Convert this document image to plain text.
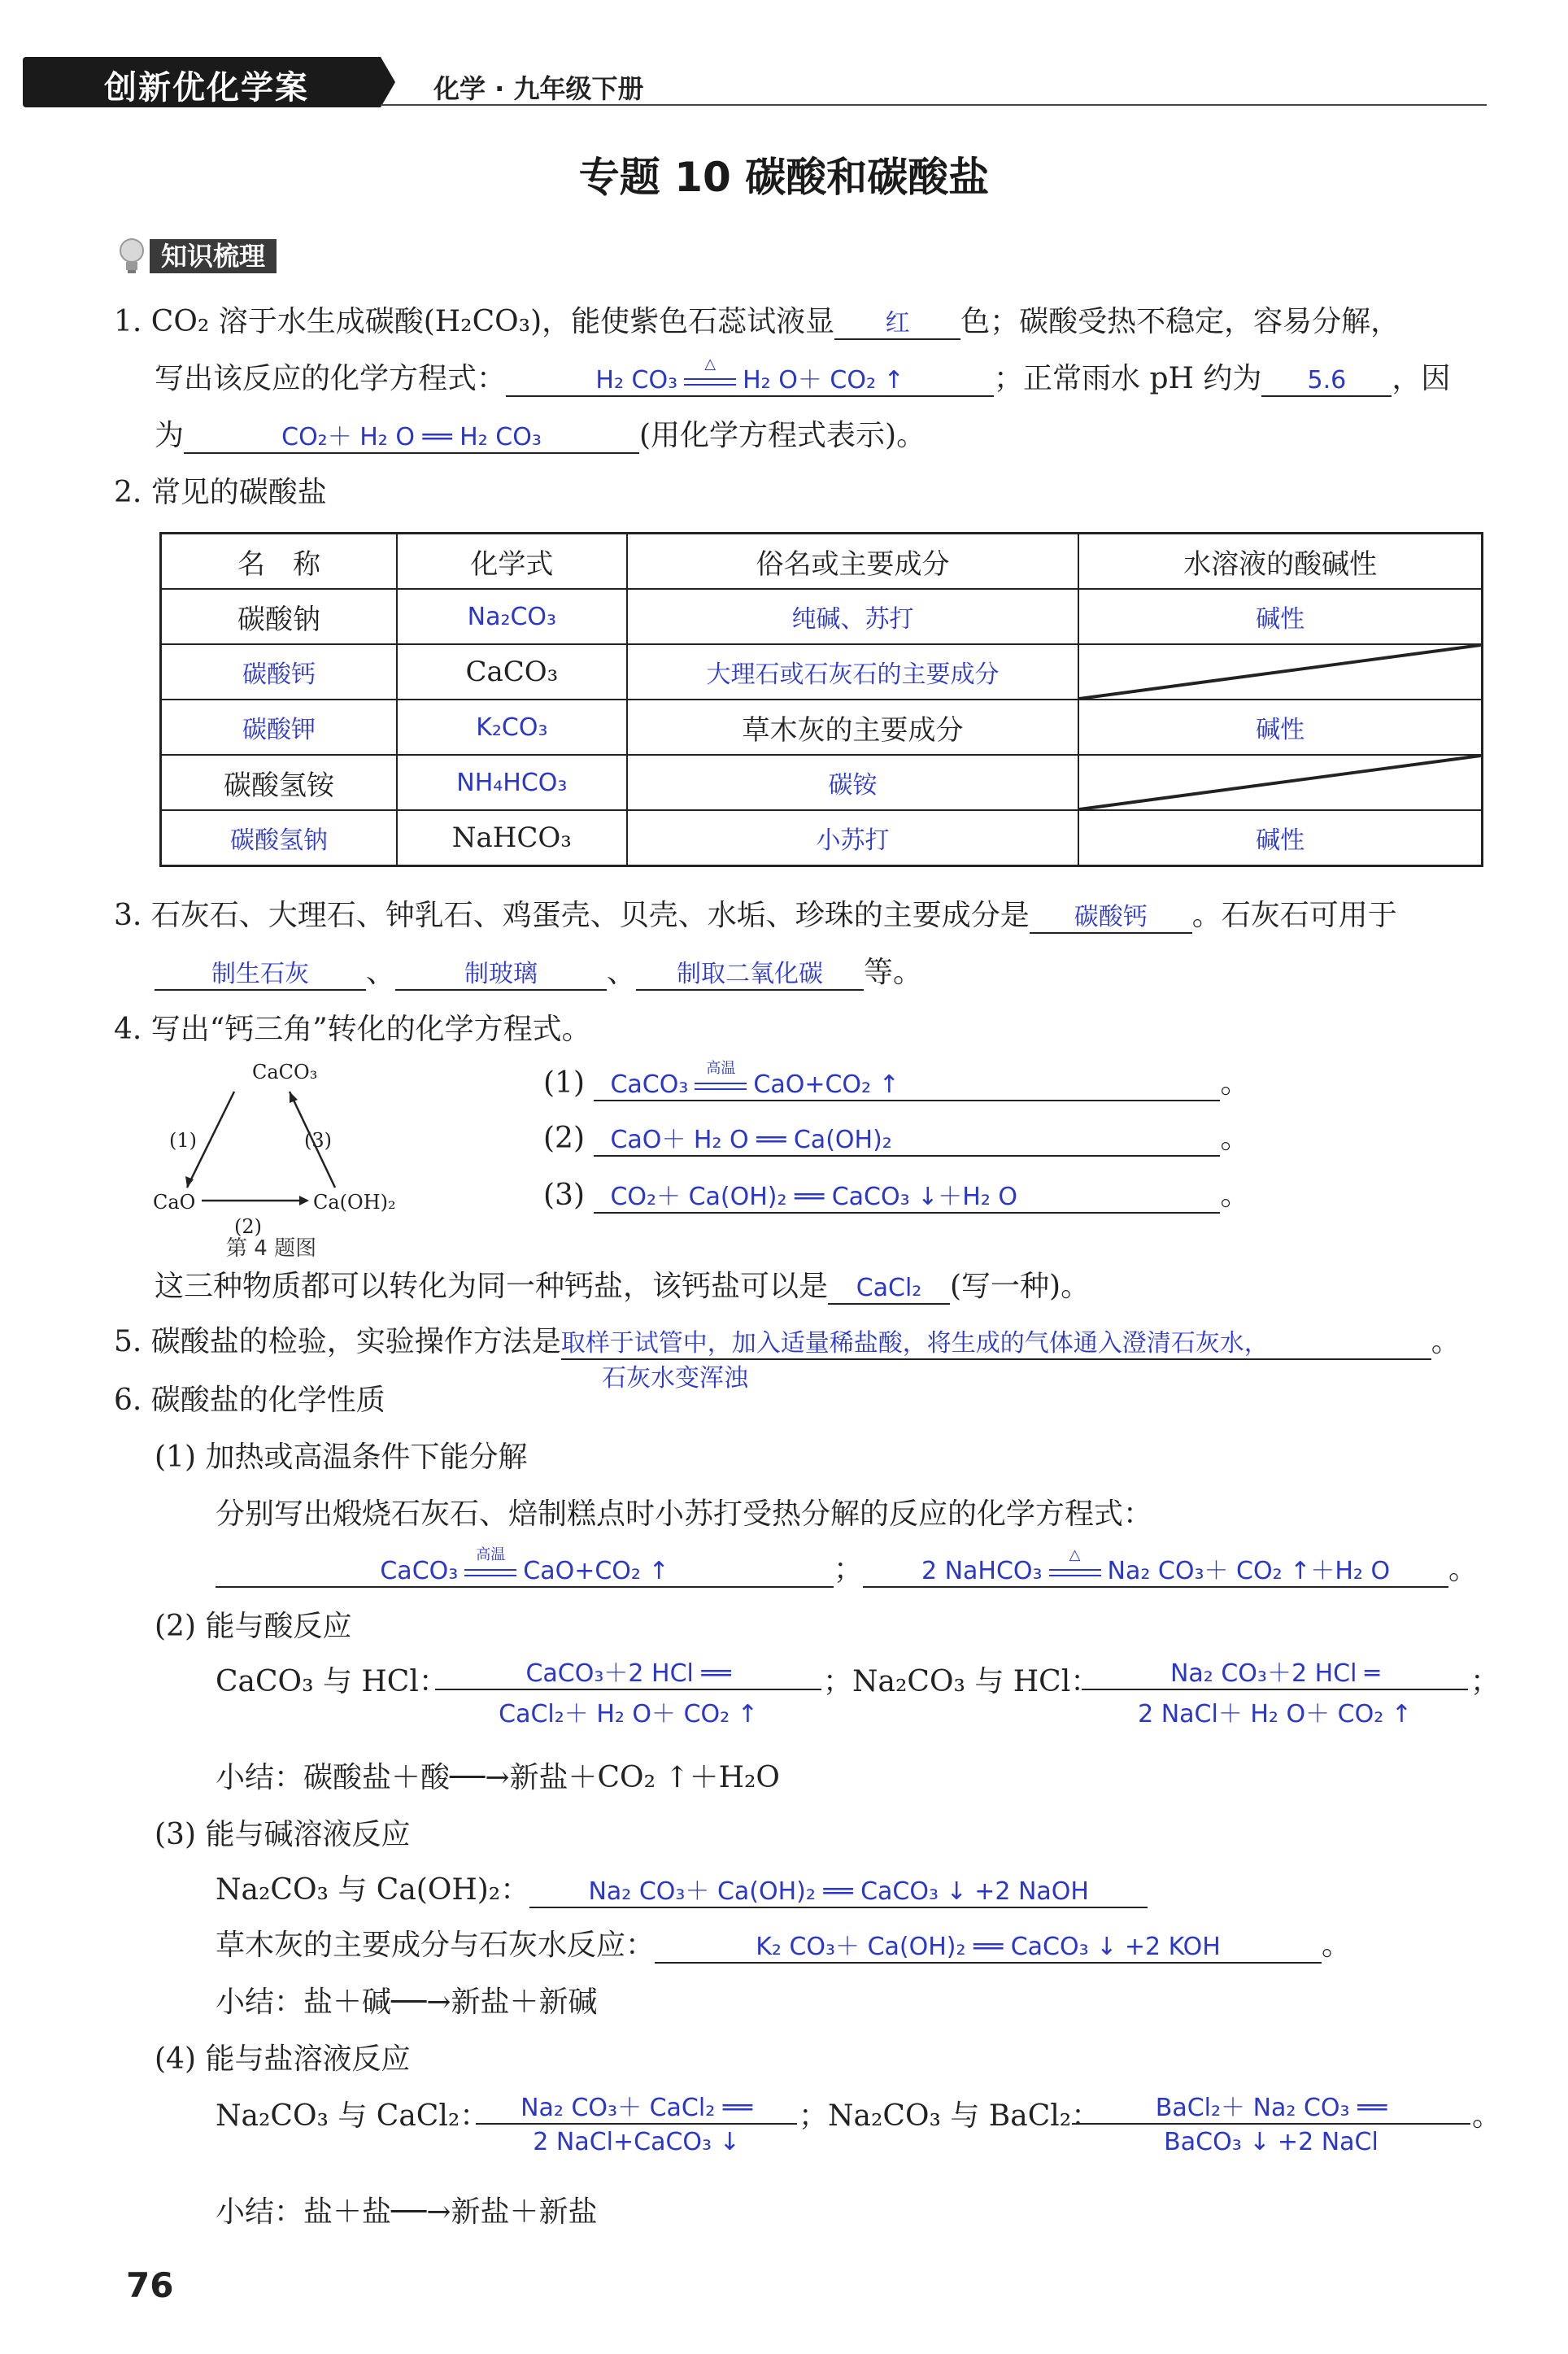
创新优化学案	化学 · 九年级下册
专题 10 碳酸和碳酸盐
知识梳理
1. CO₂ 溶于水生成碳酸(H₂CO₃)，能使紫色石蕊试液显 红 色；碳酸受热不稳定，容易分解，
写出该反应的化学方程式：	H₂ CO₃
△
H₂ O＋ CO₂ ↑	；正常雨水 pH 约为 5.6 ，因
为	CO₂＋ H₂ O ══ H₂ CO₃	(用化学方程式表示)。
2. 常见的碳酸盐
名　称	化学式	俗名或主要成分	水溶液的酸碱性
碳酸钠	Na₂CO₃	纯碱、苏打	碱性
碳酸钙	CaCO₃	大理石或石灰石的主要成分	

碳酸钾	K₂CO₃	草木灰的主要成分	碱性
碳酸氢铵	NH₄HCO₃	碳铵	

碳酸氢钠	NaHCO₃	小苏打	碱性
3. 石灰石、大理石、钟乳石、鸡蛋壳、贝壳、水垢、珍珠的主要成分是 碳酸钙 。石灰石可用于
制生石灰 、	制玻璃 、 制取二氧化碳 等。
4. 写出“钙三角”转化的化学方程式。
CaCO₃
CaO	Ca(OH)₂
(1)
(2)
(3)
第 4 题图
(1) CaCO₃
高温
CaO+CO₂ ↑	。
(2) CaO＋ H₂ O ══ Ca(OH)₂	。
(3) CO₂＋ Ca(OH)₂ ══ CaCO₃ ↓＋H₂ O	。
这三种物质都可以转化为同一种钙盐，该钙盐可以是 CaCl₂ (写一种)。
5. 碳酸盐的检验，实验操作方法是取样于试管中，加入适量稀盐酸，将生成的气体通入澄清石灰水，	。
石灰水变浑浊
6. 碳酸盐的化学性质
(1) 加热或高温条件下能分解
分别写出煅烧石灰石、焙制糕点时小苏打受热分解的反应的化学方程式：
CaCO₃
高温
CaO+CO₂ ↑	； 2 NaHCO₃
△
Na₂ CO₃＋ CO₂ ↑＋H₂ O 。
(2) 能与酸反应
CaCO₃ 与 HCl：	CaCO₃＋2 HCl ══
CaCl₂＋ H₂ O＋ CO₂ ↑
；Na₂CO₃ 与 HCl：	Na₂ CO₃＋2 HCl ═
2 NaCl＋ H₂ O＋ CO₂ ↑
；
小结：碳酸盐＋酸──→新盐＋CO₂ ↑＋H₂O
(3) 能与碱溶液反应
Na₂CO₃ 与 Ca(OH)₂： Na₂ CO₃＋ Ca(OH)₂ ══ CaCO₃ ↓ +2 NaOH
草木灰的主要成分与石灰水反应：	K₂ CO₃＋ Ca(OH)₂ ══ CaCO₃ ↓ +2 KOH	。
小结：盐＋碱──→新盐＋新碱
(4) 能与盐溶液反应
Na₂CO₃ 与 CaCl₂：	Na₂ CO₃＋ CaCl₂ ══
2 NaCl+CaCO₃ ↓
；Na₂CO₃ 与 BaCl₂：	BaCl₂＋ Na₂ CO₃ ══
BaCO₃ ↓ +2 NaCl
。
小结：盐＋盐──→新盐＋新盐
76
